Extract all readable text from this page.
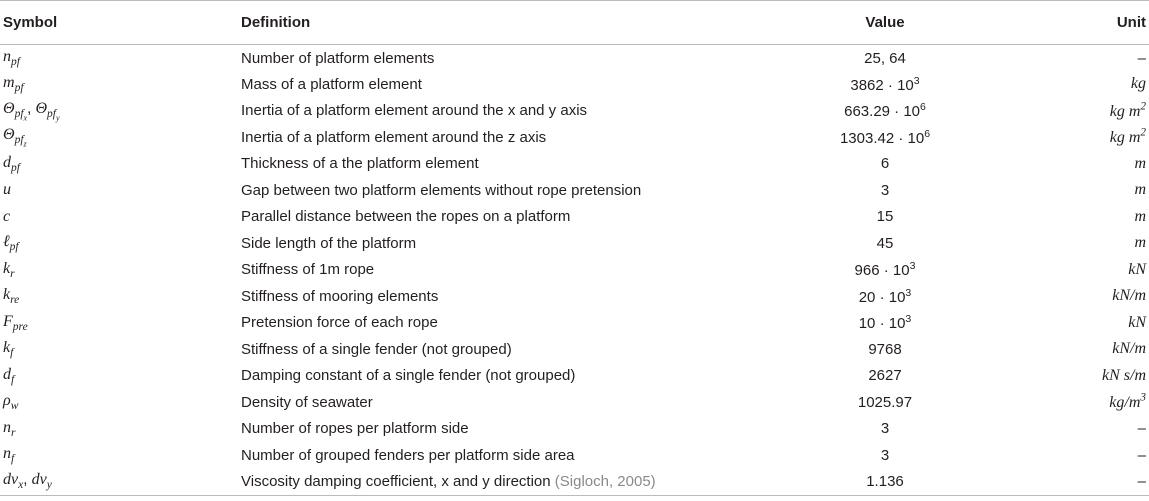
Symbol	Definition	Value	Unit
$n_{pf}$	Number of platform elements	25, 64	–
$m_{pf}$	Mass of a platform element	$3862 \cdot 10^3$	kg
$\Theta_{pf_x}$, $\Theta_{pf_y}$	Inertia of a platform element around the x and y axis	$663.29 \cdot 10^6$	kg $m^2$
$\Theta_{pf_z}$	Inertia of a platform element around the z axis	$1303.42 \cdot 10^6$	kg $m^2$
$d_{pf}$	Thickness of a the platform element	6	m
u	Gap between two platform elements without rope pretension	3	m
c	Parallel distance between the ropes on a platform	15	m
ℓ$_{pf}$	Side length of the platform	45	m
$k_r$	Stiffness of 1m rope	$966 \cdot 10^3$	kN
$k_{re}$	Stiffness of mooring elements	$20 \cdot 10^3$	kN/m
$F_{pre}$	Pretension force of each rope	$10 \cdot 10^3$	kN
$k_f$	Stiffness of a single fender (not grouped)	9768	kN/m
$d_f$	Damping constant of a single fender (not grouped)	2627	kN s/m
$\rho_w$	Density of seawater	1025.97	$kg/m^3$
$n_r$	Number of ropes per platform side	3	–
$n_f$	Number of grouped fenders per platform side area	3	–
$dv_x$, $dv_y$	Viscosity damping coefficient, x and y direction (Sigloch, 2005)	1.136	–
